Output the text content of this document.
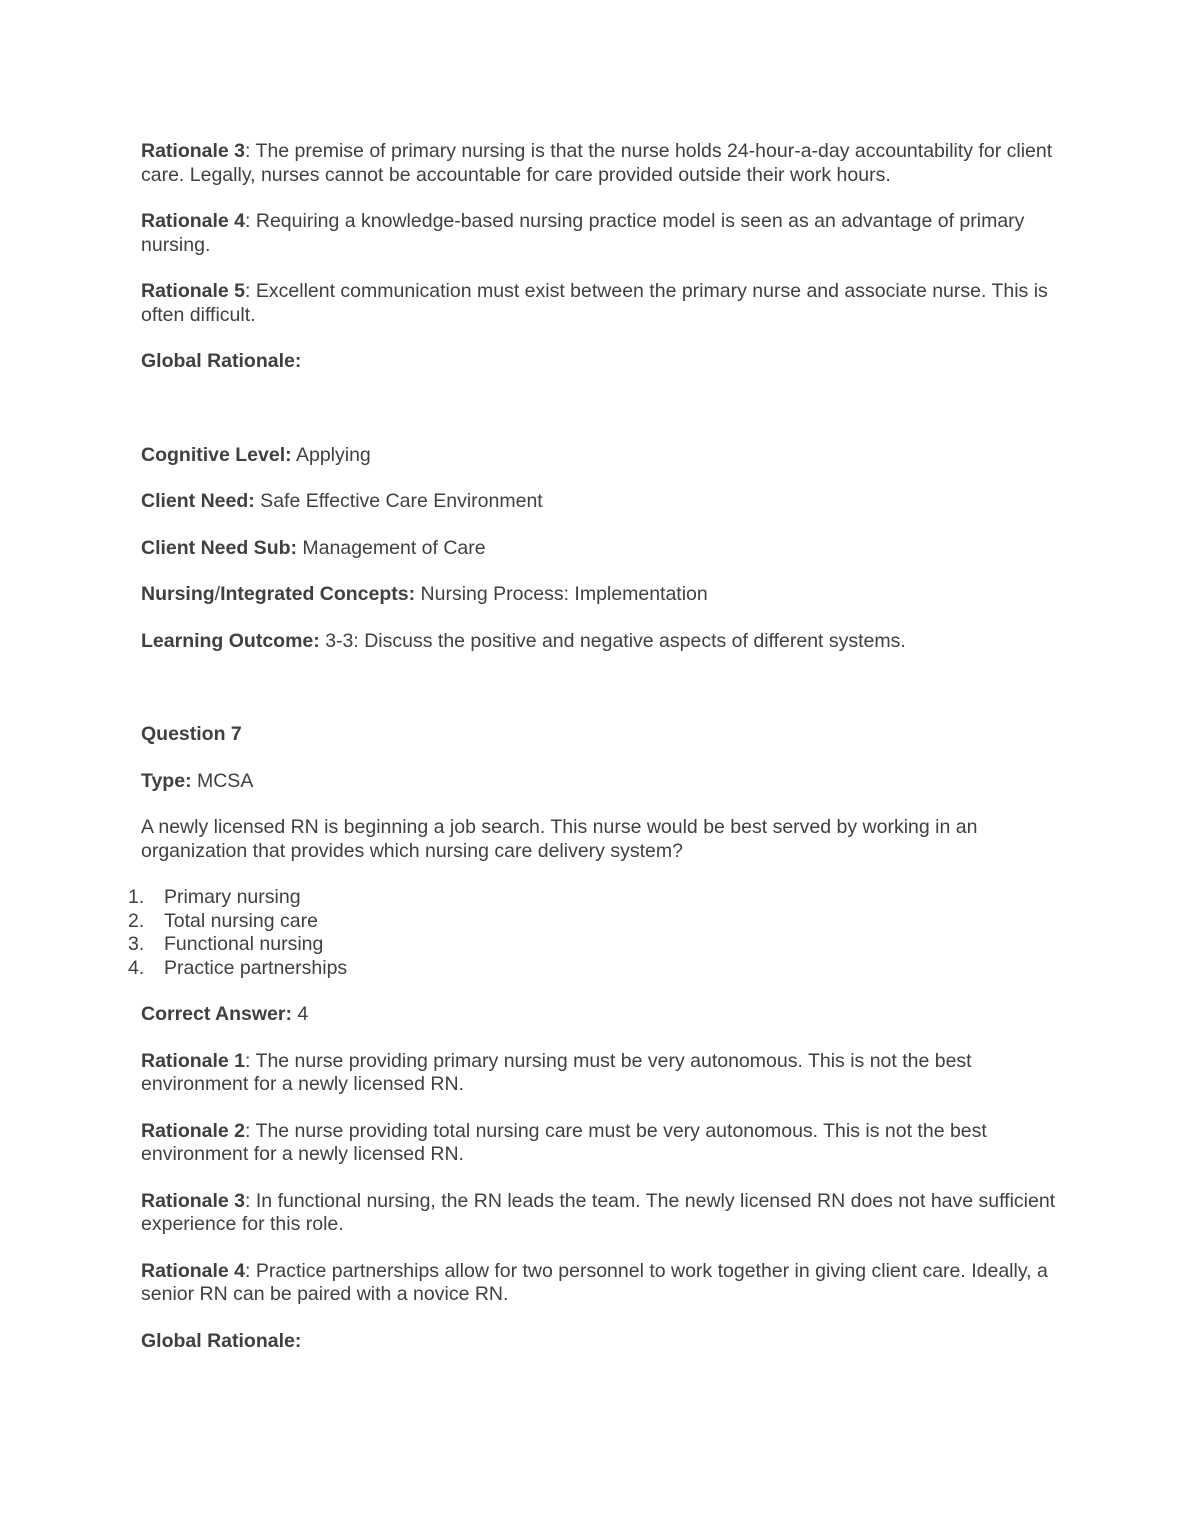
Rationale 3: The premise of primary nursing is that the nurse holds 24-hour-a-day accountability for client care. Legally, nurses cannot be accountable for care provided outside their work hours.

Rationale 4: Requiring a knowledge-based nursing practice model is seen as an advantage of primary nursing.

Rationale 5: Excellent communication must exist between the primary nurse and associate nurse. This is often difficult.

Global Rationale:

Cognitive Level: Applying

Client Need: Safe Effective Care Environment

Client Need Sub: Management of Care

Nursing/Integrated Concepts: Nursing Process: Implementation

Learning Outcome: 3-3: Discuss the positive and negative aspects of different systems.

Question 7

Type: MCSA

A newly licensed RN is beginning a job search. This nurse would be best served by working in an organization that provides which nursing care delivery system?

1.	Primary nursing
2.	Total nursing care
3.	Functional nursing
4.	Practice partnerships

Correct Answer: 4

Rationale 1: The nurse providing primary nursing must be very autonomous. This is not the best environment for a newly licensed RN.

Rationale 2: The nurse providing total nursing care must be very autonomous. This is not the best environment for a newly licensed RN.

Rationale 3: In functional nursing, the RN leads the team. The newly licensed RN does not have sufficient experience for this role.

Rationale 4: Practice partnerships allow for two personnel to work together in giving client care. Ideally, a senior RN can be paired with a novice RN.

Global Rationale:
